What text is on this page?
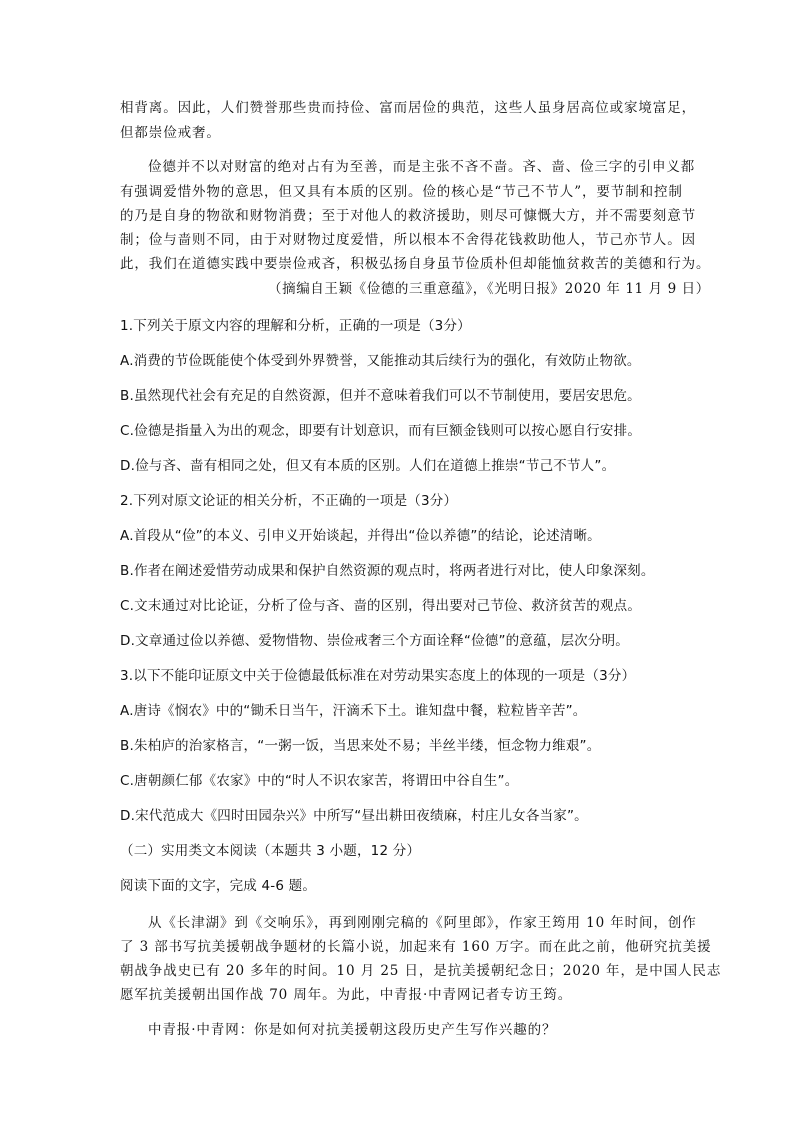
相背离。因此，人们赞誉那些贵而持俭、富而居俭的典范，这些人虽身居高位或家境富足，
但都崇俭戒奢。
俭德并不以对财富的绝对占有为至善，而是主张不吝不啬。吝、啬、俭三字的引申义都
有强调爱惜外物的意思，但又具有本质的区别。俭的核心是“节己不节人”，要节制和控制
的乃是自身的物欲和财物消费；至于对他人的救济援助，则尽可慷慨大方，并不需要刻意节
制；俭与啬则不同，由于对财物过度爱惜，所以根本不舍得花钱救助他人，节己亦节人。因
此，我们在道德实践中要崇俭戒吝，积极弘扬自身虽节俭质朴但却能恤贫救苦的美德和行为。
（摘编自王颖《俭德的三重意蕴》，《光明日报》2020 年 11 月 9 日）
1.下列关于原文内容的理解和分析，正确的一项是（3分）
A.消费的节俭既能使个体受到外界赞誉，又能推动其后续行为的强化，有效防止物欲。
B.虽然现代社会有充足的自然资源，但并不意味着我们可以不节制使用，要居安思危。
C.俭德是指量入为出的观念，即要有计划意识，而有巨额金钱则可以按心愿自行安排。
D.俭与吝、啬有相同之处，但又有本质的区别。人们在道德上推崇“节己不节人”。
2.下列对原文论证的相关分析，不正确的一项是（3分）
A.首段从“俭”的本义、引申义开始谈起，并得出“俭以养德”的结论，论述清晰。
B.作者在阐述爱惜劳动成果和保护自然资源的观点时，将两者进行对比，使人印象深刻。
C.文末通过对比论证，分析了俭与吝、啬的区别，得出要对己节俭、救济贫苦的观点。
D.文章通过俭以养德、爱物惜物、崇俭戒奢三个方面诠释“俭德”的意蕴，层次分明。
3.以下不能印证原文中关于俭德最低标准在对劳动果实态度上的体现的一项是（3分）
A.唐诗《悯农》中的“锄禾日当午，汗滴禾下土。谁知盘中餐，粒粒皆辛苦”。
B.朱柏庐的治家格言，“一粥一饭，当思来处不易；半丝半缕，恒念物力维艰”。
C.唐朝颜仁郁《农家》中的“时人不识农家苦，将谓田中谷自生”。
D.宋代范成大《四时田园杂兴》中所写“昼出耕田夜绩麻，村庄儿女各当家”。
（二）实用类文本阅读（本题共 3 小题，12 分）
阅读下面的文字，完成 4-6 题。
从《长津湖》到《交响乐》，再到刚刚完稿的《阿里郎》，作家王筠用 10 年时间，创作
了 3 部书写抗美援朝战争题材的长篇小说，加起来有 160 万字。而在此之前，他研究抗美援
朝战争战史已有 20 多年的时间。10 月 25 日，是抗美援朝纪念日；2020 年，是中国人民志
愿军抗美援朝出国作战 70 周年。为此，中青报·中青网记者专访王筠。
中青报·中青网：你是如何对抗美援朝这段历史产生写作兴趣的？
